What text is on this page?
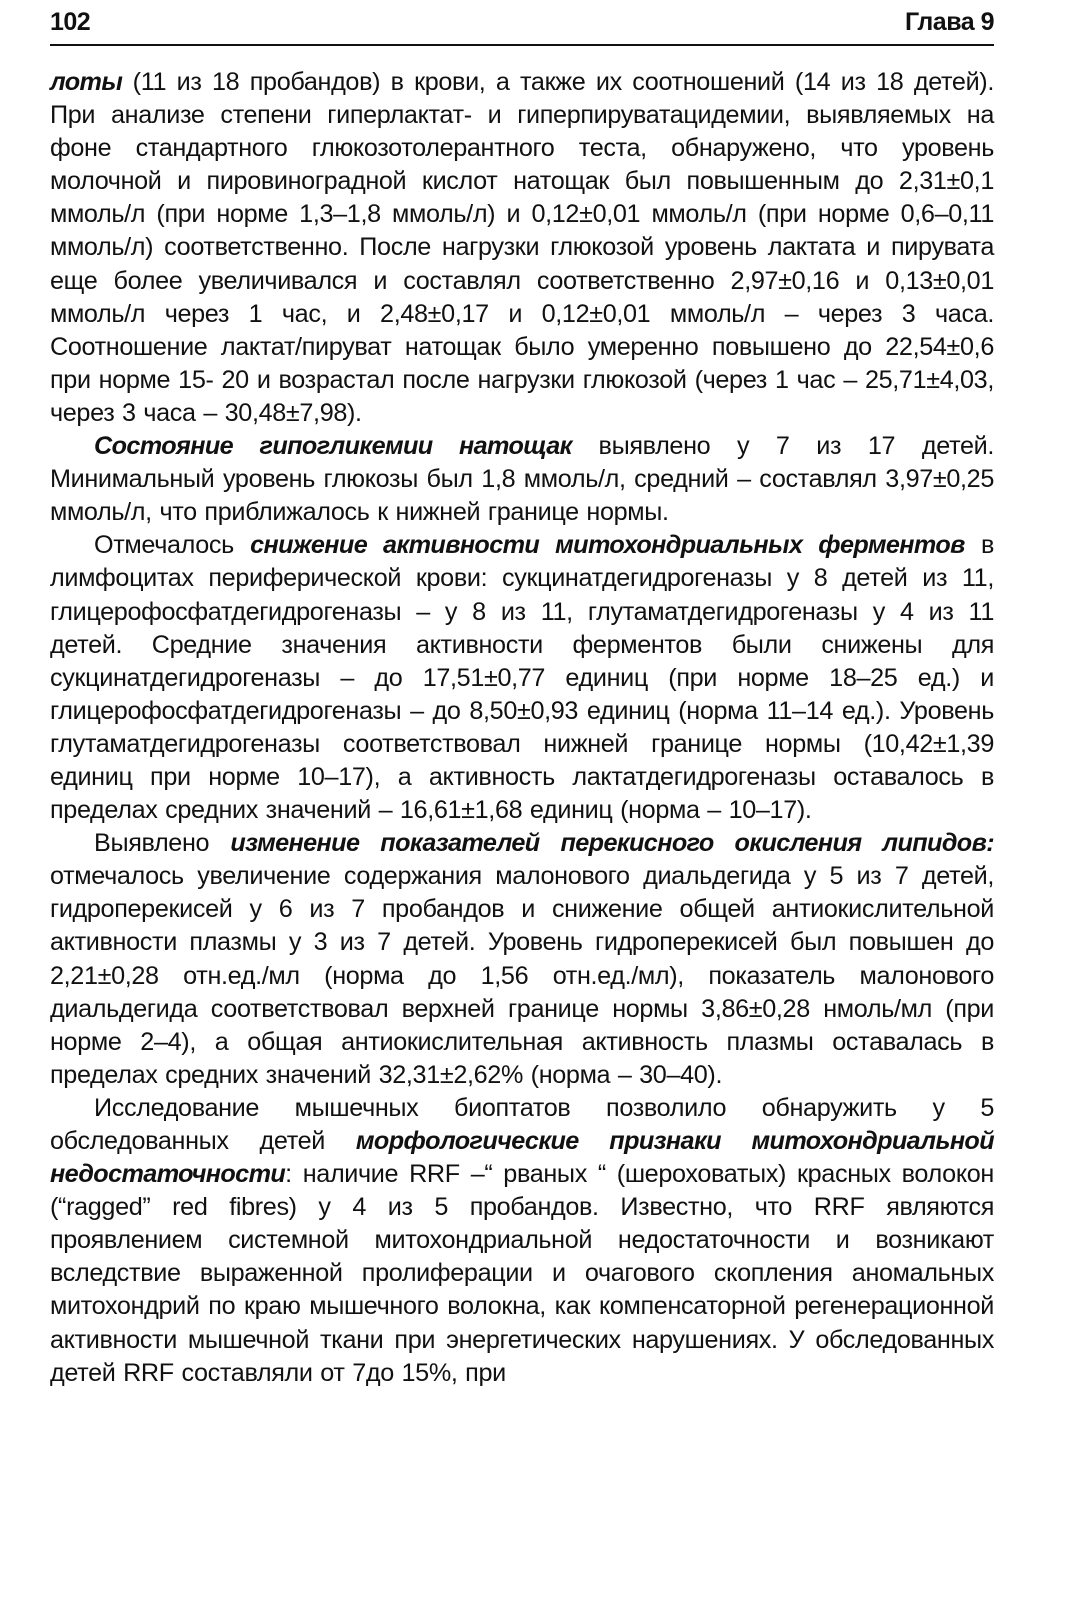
102	Глава 9

лоты (11 из 18 пробандов) в крови, а также их соотношений (14 из 18 детей). При анализе степени гиперлактат- и гиперпируватацидемии, выявляемых на фоне стандартного глюкозотолерантного теста, обнаружено, что уровень молочной и пировиноградной кислот натощак был повышенным до 2,31±0,1 ммоль/л (при норме 1,3–1,8 ммоль/л) и 0,12±0,01 ммоль/л (при норме 0,6–0,11 ммоль/л) соответственно. После нагрузки глюкозой уровень лактата и пирувата еще более увеличивался и составлял соответственно 2,97±0,16 и 0,13±0,01 ммоль/л через 1 час, и 2,48±0,17 и 0,12±0,01 ммоль/л – через 3 часа. Соотношение лактат/пируват натощак было умеренно повышено до 22,54±0,6 при норме 15- 20 и возрастал после нагрузки глюкозой (через 1 час – 25,71±4,03, через 3 часа – 30,48±7,98).

Состояние гипогликемии натощак выявлено у 7 из 17 детей. Минимальный уровень глюкозы был 1,8 ммоль/л, средний – составлял 3,97±0,25 ммоль/л, что приближалось к нижней границе нормы.

Отмечалось снижение активности митохондриальных ферментов в лимфоцитах периферической крови: сукцинатдегидрогеназы у 8 детей из 11, глицерофосфатдегидрогеназы – у 8 из 11, глутаматдегидрогеназы у 4 из 11 детей. Средние значения активности ферментов были снижены для сукцинатдегидрогеназы – до 17,51±0,77 единиц (при норме 18–25 ед.) и глицерофосфатдегидрогеназы – до 8,50±0,93 единиц (норма 11–14 ед.). Уровень глутаматдегидрогеназы соответствовал нижней границе нормы (10,42±1,39 единиц при норме 10–17), а активность лактатдегидрогеназы оставалось в пределах средних значений – 16,61±1,68 единиц (норма – 10–17).

Выявлено изменение показателей перекисного окисления липидов: отмечалось увеличение содержания малонового диальдегида у 5 из 7 детей, гидроперекисей у 6 из 7 пробандов и снижение общей антиокислительной активности плазмы у 3 из 7 детей. Уровень гидроперекисей был повышен до 2,21±0,28 отн.ед./мл (норма до 1,56 отн.ед./мл), показатель малонового диальдегида соответствовал верхней границе нормы 3,86±0,28 нмоль/мл (при норме 2–4), а общая антиокислительная активность плазмы оставалась в пределах средних значений 32,31±2,62% (норма – 30–40).

Исследование мышечных биоптатов позволило обнаружить у 5 обследованных детей морфологические признаки митохондриальной недостаточности: наличие RRF –“ рваных “ (шероховатых) красных волокон (“ragged” red fibres) у 4 из 5 пробандов. Известно, что RRF являются проявлением системной митохондриальной недостаточности и возникают вследствие выраженной пролиферации и очагового скопления аномальных митохондрий по краю мышечного волокна, как компенсаторной регенерационной активности мышечной ткани при энергетических нарушениях. У обследованных детей RRF составляли от 7до 15%, при
